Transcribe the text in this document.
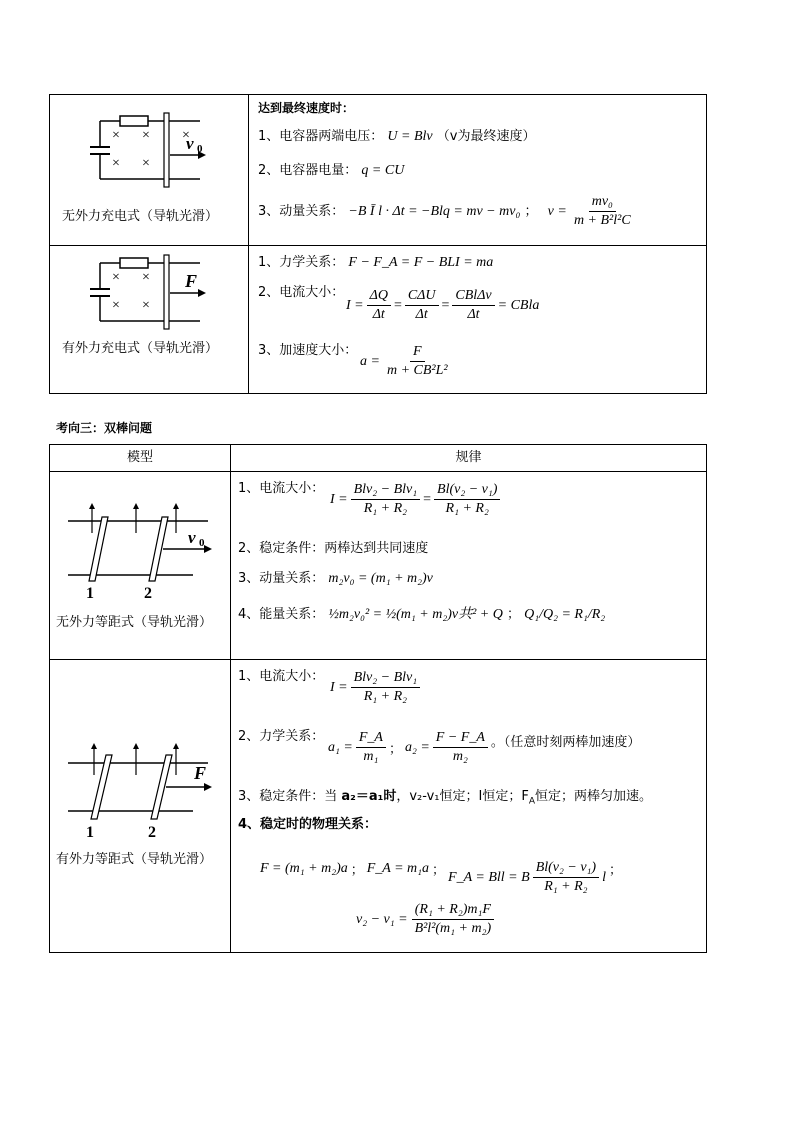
× × ×
× ×
v 0
无外力充电式（导轨光滑）
达到最终速度时：
1、电容器两端电压： U = Blv （v为最终速度）
2、电容器电量： q = CU
3、动量关系： −B Ī l · Δt = −Blq = mv − mv₀ ； $v = \frac{\text{mv₀}}{\text{m + B²l²C}}$
× ×
× ×
F
有外力充电式（导轨光滑）
1、力学关系： F − F_A = F − BLI = ma
2、电流大小：
$I = \frac{\Delta Q}{\Delta t} = \frac{\text{CΔU}}{\Delta t} = \frac{\text{CBlΔv}}{\Delta t}$ = CBla
3、加速度大小：
$a = \frac{F}{\text{m + CB²L²}}$
考向三：双棒问题
模型	规律
v 0
1	2
无外力等距式（导轨光滑）
1、电流大小：
$I = \frac{\text{Blv₂ − Blv₁}}{\text{R₁ + R₂}} = \frac{\text{Bl(v₂ − v₁)}}{\text{R₁ + R₂}}$
2、稳定条件：两棒达到共同速度
3、动量关系： m₂v₀ = (m₁ + m₂)v
4、能量关系： ½m₂v₀² = ½(m₁ + m₂)v共² + Q ； Q₁/Q₂ = R₁/R₂
F
1	2
有外力等距式（导轨光滑）
1、电流大小：
$I = \frac{\text{Blv₂ − Blv₁}}{\text{R₁ + R₂}}$
2、力学关系：
$a_1 = \frac{F\_A}{\text{m₁}}$ ； $a_2 = \frac{F - F\_A}{\text{m₂}}$ 。（任意时刻两棒加速度）
3、稳定条件：当 a₂＝a₁时，v₂-v₁恒定；I恒定；$F_A$恒定；两棒匀加速。
4、稳定时的物理关系：
F = (m₁ + m₂)a ； F_A = m₁a ； F_A = Bll = B $\frac{\text{Bl(v₂ − v₁)}}{\text{R₁ + R₂}}$ l ；
$v_2 - v_1 = \frac{\text{(R₁ + R₂)m₁F}}{\text{B²l²(m₁ + m₂)}}$
